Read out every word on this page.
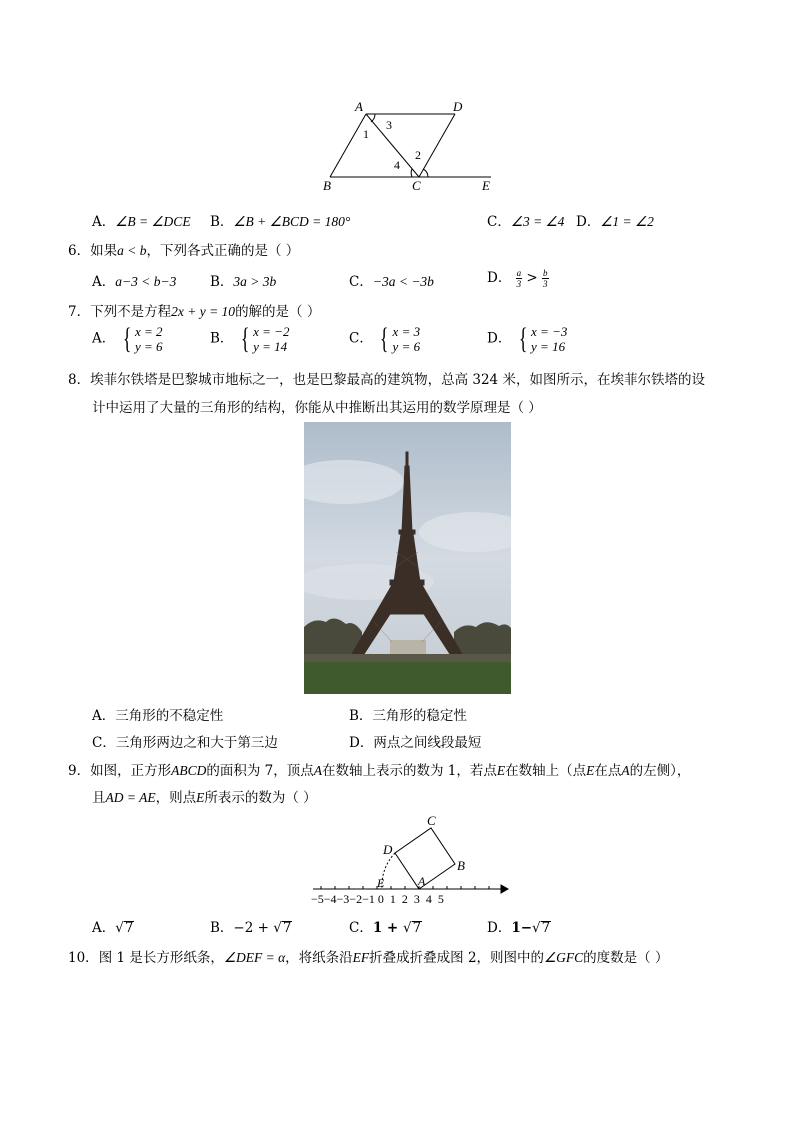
A	D
B	C	E
1
3
4
2
A．∠B = ∠DCE B．∠B + ∠BCD = 180°	C．∠3 = ∠4 D．∠1 = ∠2
6．如果a < b，下列各式正确的是（ ）
A．a−3 < b−3 B．3a > 3b	C．−3a < −3b	D． $\frac{a}{3} > \frac{b}{3}$
7．下列不是方程2x + y = 10的解的是（ ）
A． { x = 2
y = 6	B． { x = −2
y = 14	C． { x = 3
y = 6	D． { x = −3
y = 16
8．埃菲尔铁塔是巴黎城市地标之一，也是巴黎最高的建筑物，总高 324 米，如图所示，在埃菲尔铁塔的设
计中运用了大量的三角形的结构，你能从中推断出其运用的数学原理是（ ）
A．三角形的不稳定性	B．三角形的稳定性
C．三角形两边之和大于第三边	D．两点之间线段最短
9．如图，正方形ABCD的面积为 7，顶点A在数轴上表示的数为 1，若点E在数轴上（点E在点A的左侧），
且AD = AE，则点E所表示的数为（ ）
C
D
B
E	A
−5−4−3−2−1 0  1  2  3  4  5
A．√7	B．−2 + √7	C．1 + √7	D．1−√7
10．图 1 是长方形纸条，∠DEF = α，将纸条沿EF折叠成折叠成图 2，则图中的∠GFC的度数是（ ）
